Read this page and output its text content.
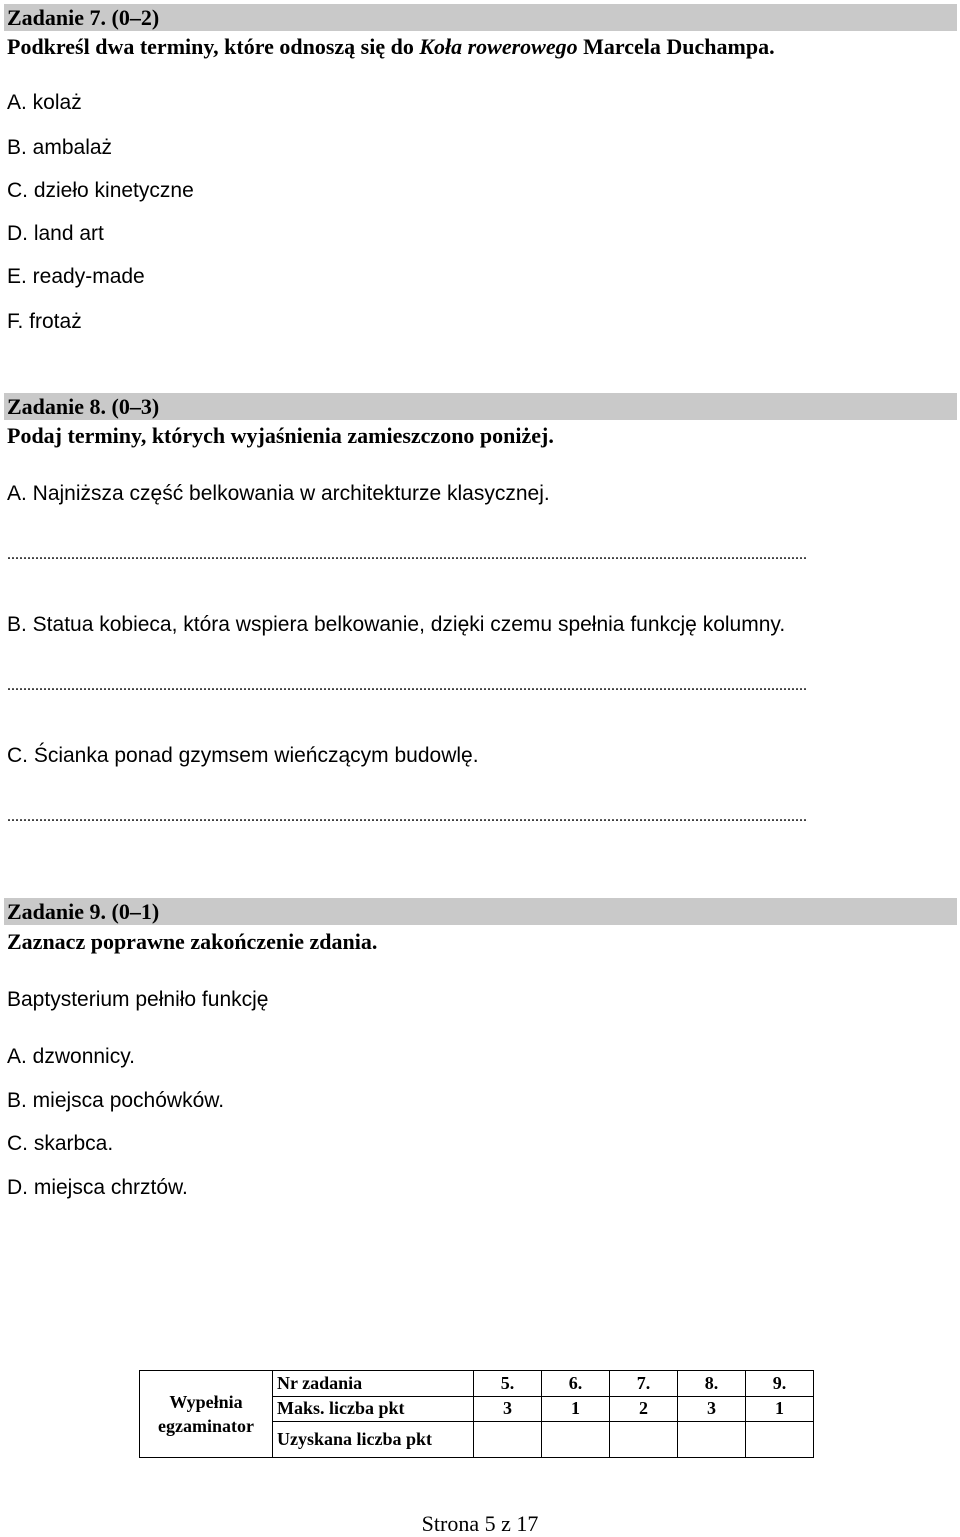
Zadanie 7. (0–2)
Podkreśl dwa terminy, które odnoszą się do Koła rowerowego Marcela Duchampa.
A. kolaż
B. ambalaż
C. dzieło kinetyczne
D. land art
E. ready-made
F. frotaż
Zadanie 8. (0–3)
Podaj terminy, których wyjaśnienia zamieszczono poniżej.
A. Najniższa część belkowania w architekturze klasycznej.
........................................................................................................................................................................................................
B. Statua kobieca, która wspiera belkowanie, dzięki czemu spełnia funkcję kolumny.
........................................................................................................................................................................................................
C. Ścianka ponad gzymsem wieńczącym budowlę.
........................................................................................................................................................................................................
Zadanie 9. (0–1)
Zaznacz poprawne zakończenie zdania.
Baptysterium pełniło funkcję
A. dzwonnicy.
B. miejsca pochówków.
C. skarbca.
D. miejsca chrztów.
Wypełnia
egzaminator	Nr zadania	5.	6.	7.	8.	9.
	Maks. liczba pkt	3	1	2	3	1
	Uzyskana liczba pkt					
Strona 5 z 17
